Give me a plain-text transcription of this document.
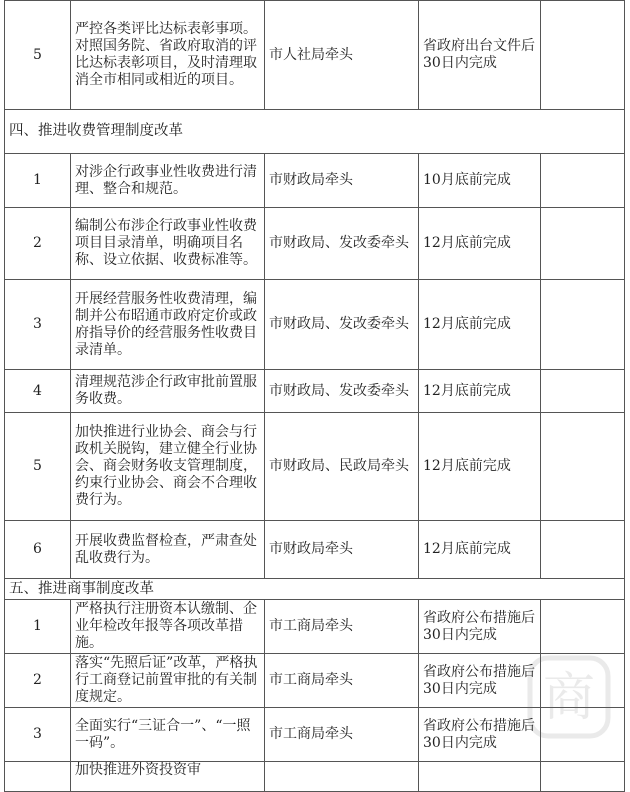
5	严控各类评比达标表彰事项。对照国务院、省政府取消的评比达标表彰项目，及时清理取消全市相同或相近的项目。	市人社局牵头	省政府出台文件后30日内完成	
四、推进收费管理制度改革				
1	对涉企行政事业性收费进行清理、整合和规范。	市财政局牵头	10月底前完成	
2	编制公布涉企行政事业性收费项目目录清单，明确项目名称、设立依据、收费标准等。	市财政局、发改委牵头	12月底前完成	
3	开展经营服务性收费清理，编制并公布昭通市政府定价或政府指导价的经营服务性收费目录清单。	市财政局、发改委牵头	12月底前完成	
4	清理规范涉企行政审批前置服务收费。	市财政局、发改委牵头	12月底前完成	
5	加快推进行业协会、商会与行政机关脱钩，建立健全行业协会、商会财务收支管理制度，约束行业协会、商会不合理收费行为。	市财政局、民政局牵头	12月底前完成	
6	开展收费监督检查，严肃查处乱收费行为。	市财政局牵头	12月底前完成	
五、推进商事制度改革				
1	严格执行注册资本认缴制、企业年检改年报等各项改革措施。	市工商局牵头	省政府公布措施后30日内完成	
2	落实“先照后证”改革，严格执行工商登记前置审批的有关制度规定。	市工商局牵头	省政府公布措施后30日内完成	
3	全面实行“三证合一”、“一照一码”。	市工商局牵头	省政府公布措施后30日内完成	
	加快推进外资投资审			
商
